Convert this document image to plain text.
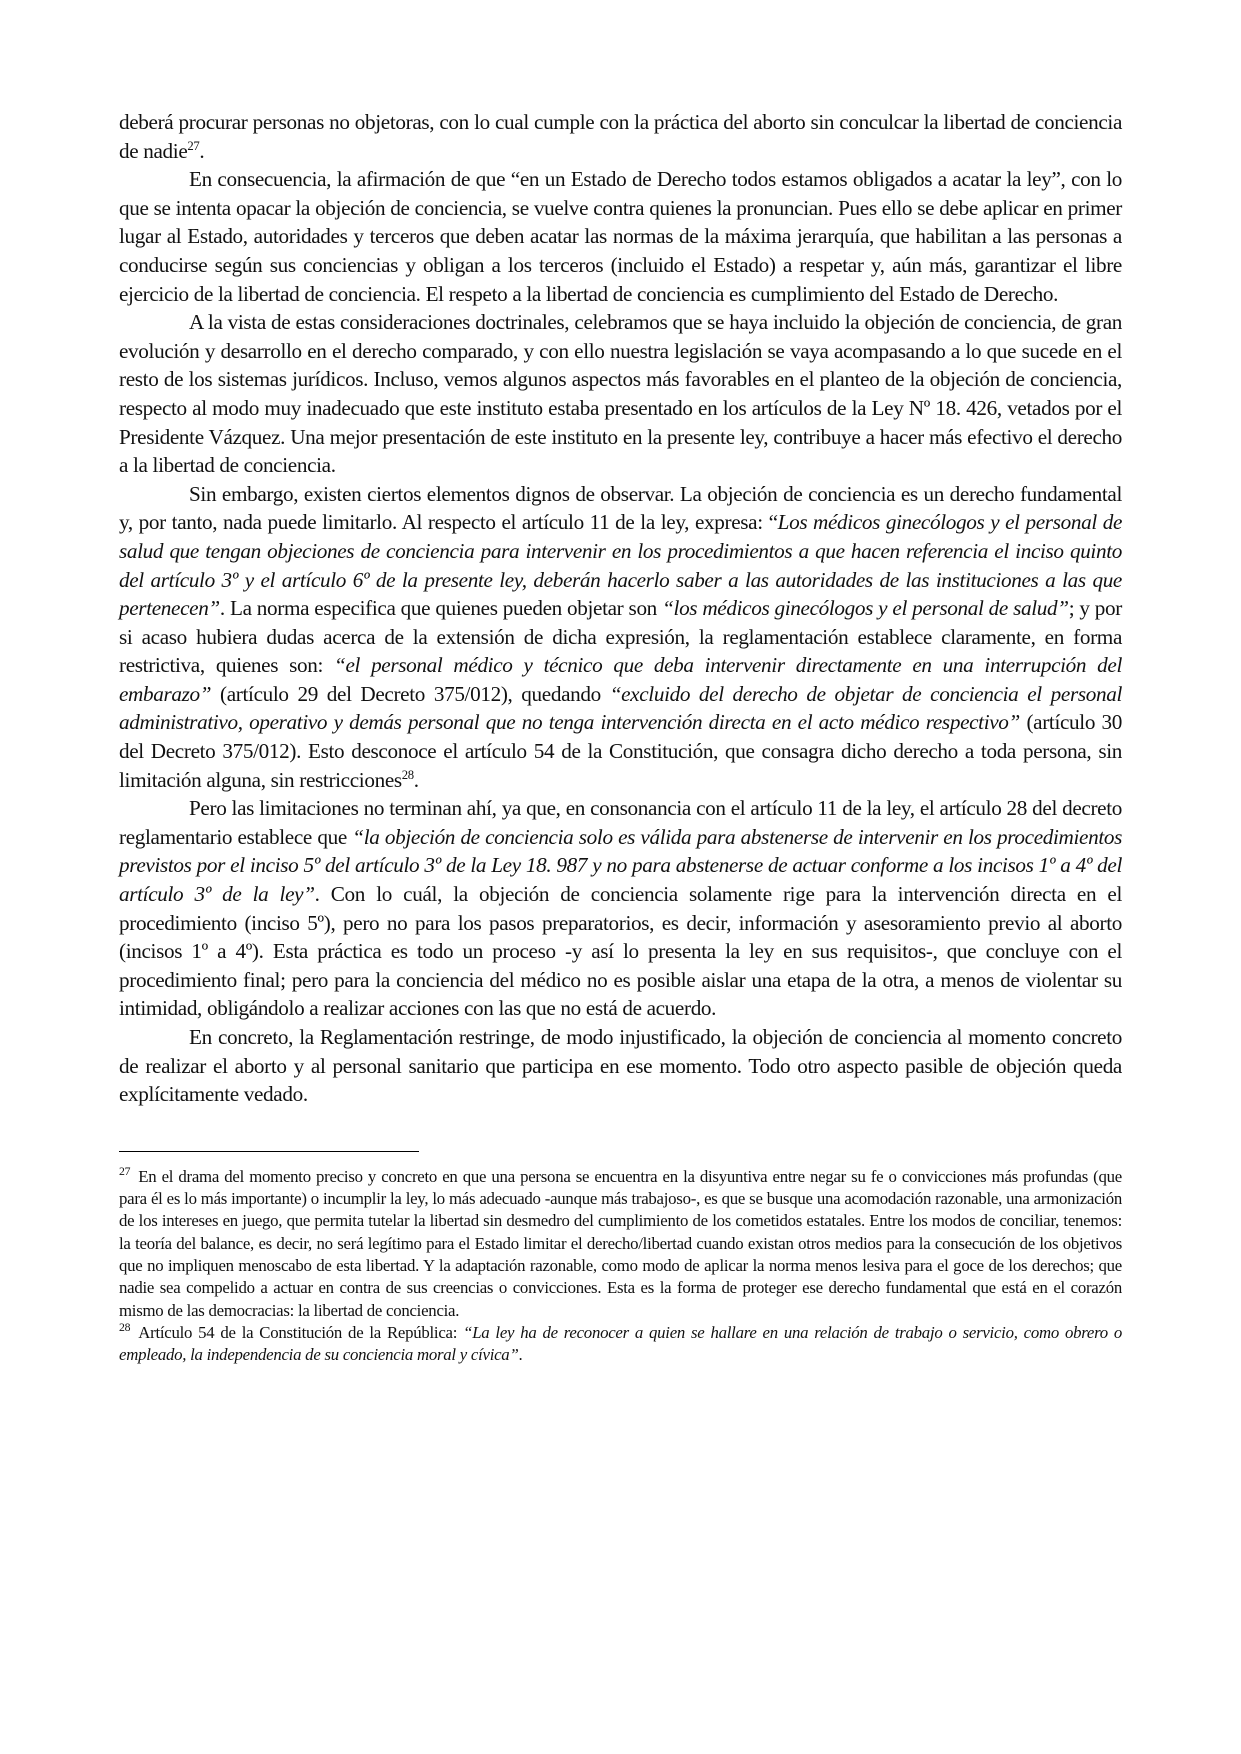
deberá procurar personas no objetoras, con lo cual cumple con la práctica del aborto sin conculcar la libertad de conciencia de nadie$^{27}$.

En consecuencia, la afirmación de que “en un Estado de Derecho todos estamos obligados a acatar la ley”, con lo que se intenta opacar la objeción de conciencia, se vuelve contra quienes la pronuncian. Pues ello se debe aplicar en primer lugar al Estado, autoridades y terceros que deben acatar las normas de la máxima jerarquía, que habilitan a las personas a conducirse según sus conciencias y obligan a los terceros (incluido el Estado) a respetar y, aún más, garantizar el libre ejercicio de la libertad de conciencia. El respeto a la libertad de conciencia es cumplimiento del Estado de Derecho.

A la vista de estas consideraciones doctrinales, celebramos que se haya incluido la objeción de conciencia, de gran evolución y desarrollo en el derecho comparado, y con ello nuestra legislación se vaya acompasando a lo que sucede en el resto de los sistemas jurídicos. Incluso, vemos algunos aspectos más favorables en el planteo de la objeción de conciencia, respecto al modo muy inadecuado que este instituto estaba presentado en los artículos de la Ley Nº 18. 426, vetados por el Presidente Vázquez. Una mejor presentación de este instituto en la presente ley, contribuye a hacer más efectivo el derecho a la libertad de conciencia.

Sin embargo, existen ciertos elementos dignos de observar. La objeción de conciencia es un derecho fundamental y, por tanto, nada puede limitarlo. Al respecto el artículo 11 de la ley, expresa: “Los médicos ginecólogos y el personal de salud que tengan objeciones de conciencia para intervenir en los procedimientos a que hacen referencia el inciso quinto del artículo 3º y el artículo 6º de la presente ley, deberán hacerlo saber a las autoridades de las instituciones a las que pertenecen”. La norma especifica que quienes pueden objetar son “los médicos ginecólogos y el personal de salud”; y por si acaso hubiera dudas acerca de la extensión de dicha expresión, la reglamentación establece claramente, en forma restrictiva, quienes son: “el personal médico y técnico que deba intervenir directamente en una interrupción del embarazo” (artículo 29 del Decreto 375/012), quedando “excluido del derecho de objetar de conciencia el personal administrativo, operativo y demás personal que no tenga intervención directa en el acto médico respectivo” (artículo 30 del Decreto 375/012). Esto desconoce el artículo 54 de la Constitución, que consagra dicho derecho a toda persona, sin limitación alguna, sin restricciones$^{28}$.

Pero las limitaciones no terminan ahí, ya que, en consonancia con el artículo 11 de la ley, el artículo 28 del decreto reglamentario establece que “la objeción de conciencia solo es válida para abstenerse de intervenir en los procedimientos previstos por el inciso 5º del artículo 3º de la Ley 18. 987 y no para abstenerse de actuar conforme a los incisos 1º a 4º del artículo 3º de la ley”. Con lo cuál, la objeción de conciencia solamente rige para la intervención directa en el procedimiento (inciso 5º), pero no para los pasos preparatorios, es decir, información y asesoramiento previo al aborto (incisos 1º a 4º). Esta práctica es todo un proceso -y así lo presenta la ley en sus requisitos-, que concluye con el procedimiento final; pero para la conciencia del médico no es posible aislar una etapa de la otra, a menos de violentar su intimidad, obligándolo a realizar acciones con las que no está de acuerdo.

En concreto, la Reglamentación restringe, de modo injustificado, la objeción de conciencia al momento concreto de realizar el aborto y al personal sanitario que participa en ese momento. Todo otro aspecto pasible de objeción queda explícitamente vedado.

$^{27}$ En el drama del momento preciso y concreto en que una persona se encuentra en la disyuntiva entre negar su fe o convicciones más profundas (que para él es lo más importante) o incumplir la ley, lo más adecuado -aunque más trabajoso-, es que se busque una acomodación razonable, una armonización de los intereses en juego, que permita tutelar la libertad sin desmedro del cumplimiento de los cometidos estatales. Entre los modos de conciliar, tenemos: la teoría del balance, es decir, no será legítimo para el Estado limitar el derecho/libertad cuando existan otros medios para la consecución de los objetivos que no impliquen menoscabo de esta libertad. Y la adaptación razonable, como modo de aplicar la norma menos lesiva para el goce de los derechos; que nadie sea compelido a actuar en contra de sus creencias o convicciones. Esta es la forma de proteger ese derecho fundamental que está en el corazón mismo de las democracias: la libertad de conciencia.

$^{28}$ Artículo 54 de la Constitución de la República: “La ley ha de reconocer a quien se hallare en una relación de trabajo o servicio, como obrero o empleado, la independencia de su conciencia moral y cívica”.
